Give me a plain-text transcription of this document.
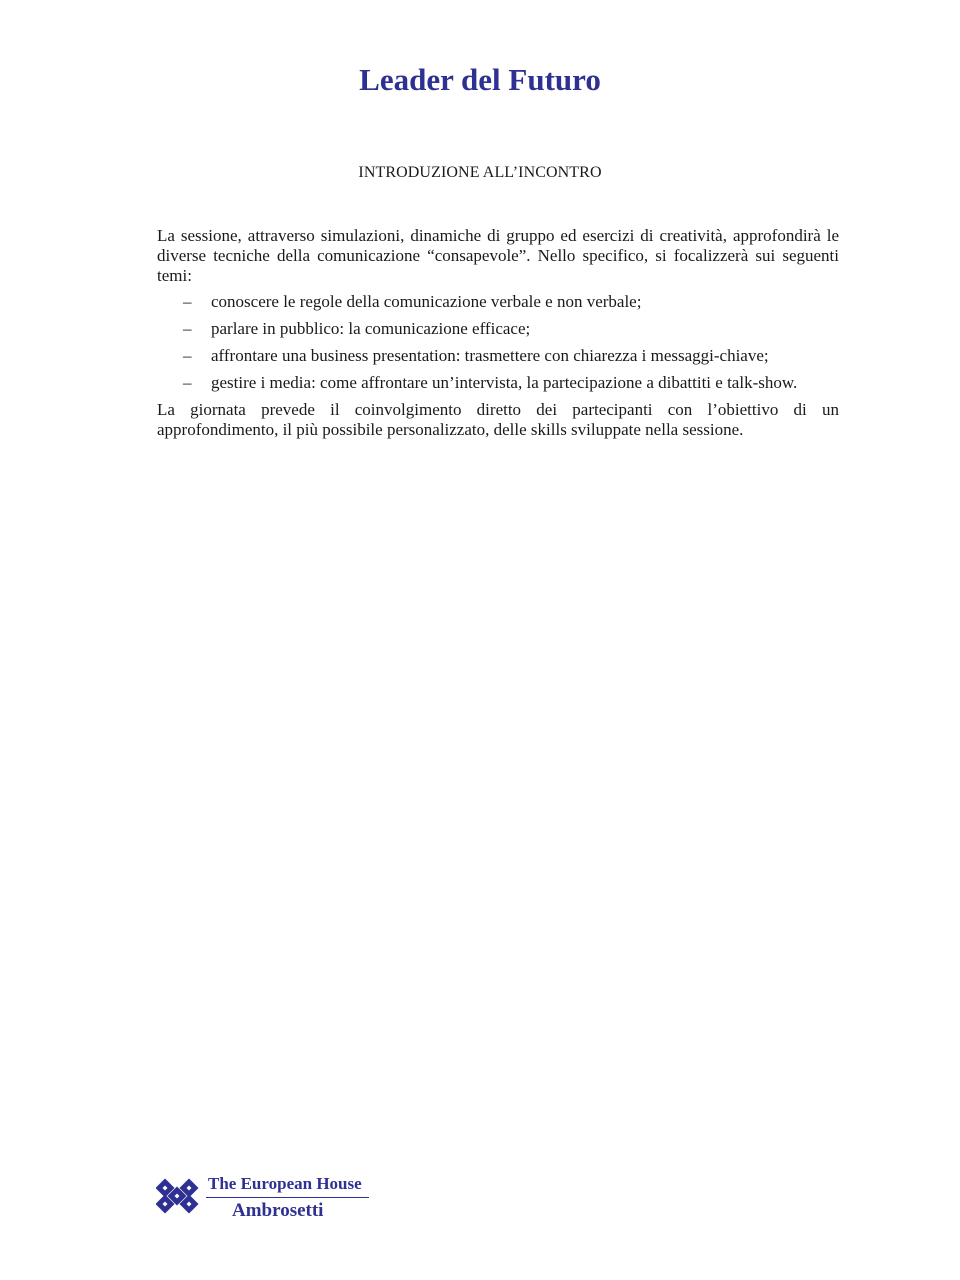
Leader del Futuro

INTRODUZIONE ALL’INCONTRO

La sessione, attraverso simulazioni, dinamiche di gruppo ed esercizi di creatività, approfondirà le diverse tecniche della comunicazione “consapevole”. Nello specifico, si focalizzerà sui seguenti temi:

– conoscere le regole della comunicazione verbale e non verbale;
– parlare in pubblico: la comunicazione efficace;
– affrontare una business presentation: trasmettere con chiarezza i messaggi-chiave;
– gestire i media: come affrontare un’intervista, la partecipazione a dibattiti e talk-show.

La giornata prevede il coinvolgimento diretto dei partecipanti con l’obiettivo di un approfondimento, il più possibile personalizzato, delle skills sviluppate nella sessione.

The European House

Ambrosetti
